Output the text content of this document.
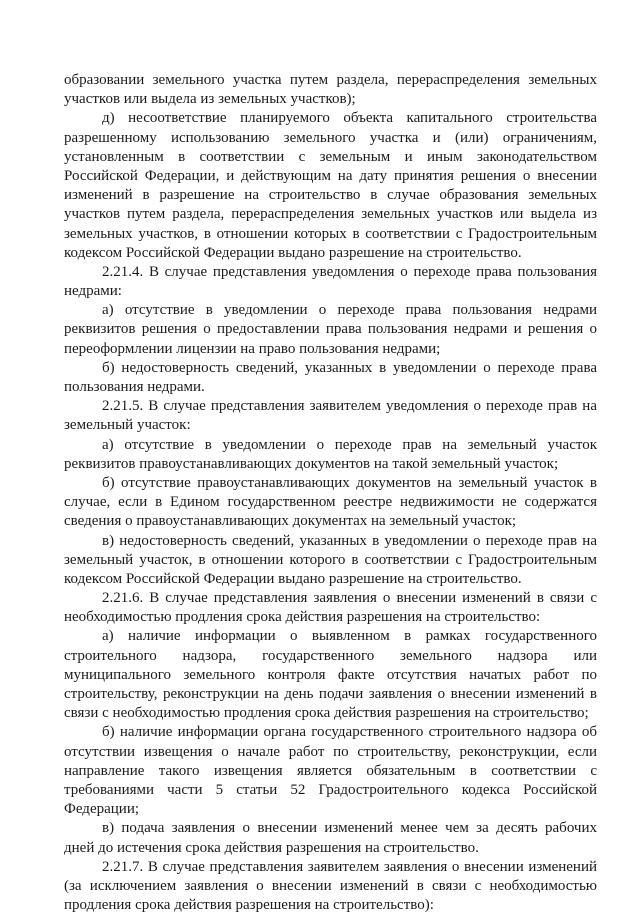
образовании земельного участка путем раздела, перераспределения земельных
участков или выдела из земельных участков);
д) несоответствие планируемого объекта капитального строительства
разрешенному использованию земельного участка и (или) ограничениям,
установленным в соответствии с земельным и иным законодательством
Российской Федерации, и действующим на дату принятия решения о внесении
изменений в разрешение на строительство в случае образования земельных
участков путем раздела, перераспределения земельных участков или выдела из
земельных участков, в отношении которых в соответствии с Градостроительным
кодексом Российской Федерации выдано разрешение на строительство.
2.21.4. В случае представления уведомления о переходе права пользования
недрами:
а) отсутствие в уведомлении о переходе права пользования недрами
реквизитов решения о предоставлении права пользования недрами и решения о
переоформлении лицензии на право пользования недрами;
б) недостоверность сведений, указанных в уведомлении о переходе права
пользования недрами.
2.21.5. В случае представления заявителем уведомления о переходе прав на
земельный участок:
а) отсутствие в уведомлении о переходе прав на земельный участок
реквизитов правоустанавливающих документов на такой земельный участок;
б) отсутствие правоустанавливающих документов на земельный участок в
случае, если в Едином государственном реестре недвижимости не содержатся
сведения о правоустанавливающих документах на земельный участок;
в) недостоверность сведений, указанных в уведомлении о переходе прав на
земельный участок, в отношении которого в соответствии с Градостроительным
кодексом Российской Федерации выдано разрешение на строительство.
2.21.6. В случае представления заявления о внесении изменений в связи с
необходимостью продления срока действия разрешения на строительство:
а) наличие информации о выявленном в рамках государственного
строительного надзора, государственного земельного надзора или
муниципального земельного контроля факте отсутствия начатых работ по
строительству, реконструкции на день подачи заявления о внесении изменений в
связи с необходимостью продления срока действия разрешения на строительство;
б) наличие информации органа государственного строительного надзора об
отсутствии извещения о начале работ по строительству, реконструкции, если
направление такого извещения является обязательным в соответствии с
требованиями части 5 статьи 52 Градостроительного кодекса Российской
Федерации;
в) подача заявления о внесении изменений менее чем за десять рабочих
дней до истечения срока действия разрешения на строительство.
2.21.7. В случае представления заявителем заявления о внесении изменений
(за исключением заявления о внесении изменений в связи с необходимостью
продления срока действия разрешения на строительство):
